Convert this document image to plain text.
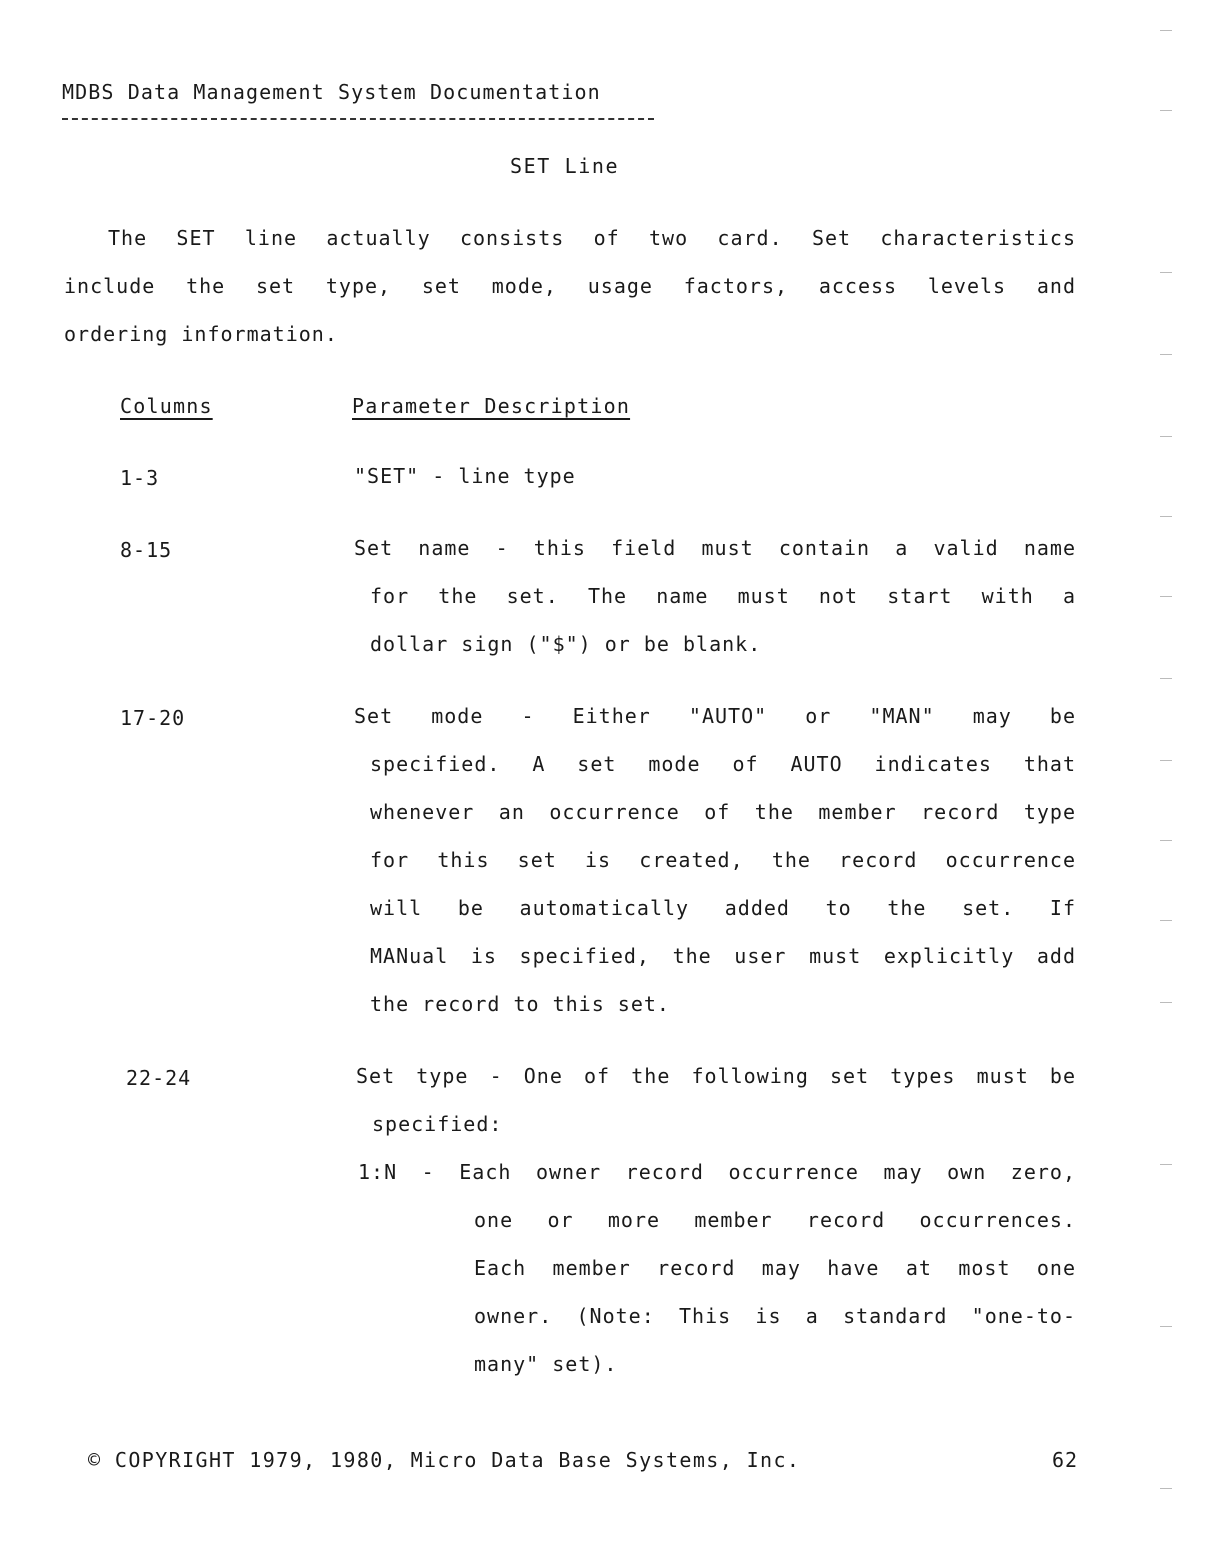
MDBS Data Management System Documentation
SET Line
The SET line actually consists of two card. Set characteristics
include the set type, set mode, usage factors, access levels and
ordering information.
Columns	Parameter Description
1-3	"SET" - line type
8-15	Set name - this field must contain a valid name
for the set. The name must not start with a
dollar sign ("$") or be blank.
17-20	Set mode - Either "AUTO" or "MAN" may be
specified. A set mode of AUTO indicates that
whenever an occurrence of the member record type
for this set is created, the record occurrence
will be automatically added to the set. If
MANual is specified, the user must explicitly add
the record to this set.
22-24	Set type - One of the following set types must be
specified:
1:N - Each owner record occurrence may own zero,
one or more member record occurrences.
Each member record may have at most one
owner. (Note: This is a standard "one-to-
many" set).
© COPYRIGHT 1979, 1980, Micro Data Base Systems, Inc.	62
